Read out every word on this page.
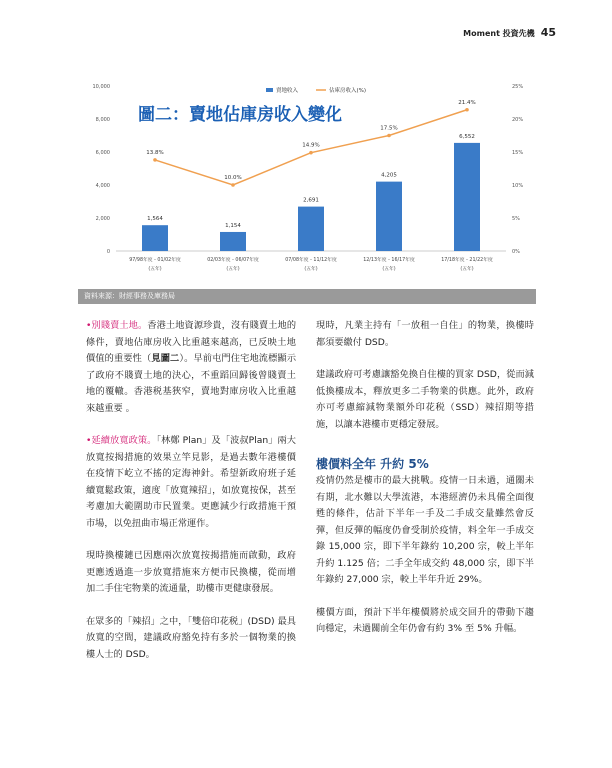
Moment 投資先機 45
10,000
8,000
6,000
4,000
2,000
0
25%
20%
15%
10%
5%
0%
賣地收入	佔庫房收入(%)
圖二：賣地佔庫房收入變化
1,564
97/98年度 - 01/02年度
(五年)
1,154
02/03年度 - 06/07年度
(五年)
2,691
07/08年度 - 11/12年度
(五年)
4,205
12/13年度 - 16/17年度
(五年)
6,552
17/18年度 - 21/22年度
(五年)
13.8%
10.0%
14.9%
17.5%
21.4%
資料來源：財經事務及庫務局

•別賤賣土地。香港土地資源珍貴，沒有賤賣土地的條件，賣地佔庫房收入比重越來越高，已反映土地價值的重要性（見圖二）。早前屯門住宅地流標顯示了政府不賤賣土地的決心，不重蹈回歸後曾賤賣土地的覆轍。香港税基狹窄，賣地對庫房收入比重越來越重要 。

•延續放寬政策。「林鄭 Plan」及「波叔Plan」兩大放寬按揭措施的效果立竿見影，是過去數年港樓價在疫情下屹立不搖的定海神針。希望新政府班子延續寬鬆政策，適度「放寬辣招」，如放寬按保，甚至考慮加大範圍助市民置業。更應減少行政措施干預市場，以免扭曲市場正常運作。

現時換樓鏈已因應兩次放寬按揭措施而啟動，政府更應透過進一步放寬措施來方便市民換樓，從而增加二手住宅物業的流通量，助樓市更健康發展。

在眾多的「辣招」之中，「雙倍印花税」(DSD) 最具放寬的空間，建議政府豁免持有多於一個物業的換樓人士的 DSD。

現時，凡業主持有「一放租一自住」的物業，換樓時都須要繳付 DSD。

建議政府可考慮讓豁免換自住樓的買家 DSD，從而減低換樓成本，釋放更多二手物業的供應。此外，政府亦可考慮縮減物業額外印花税（SSD）辣招期等措施，以讓本港樓市更穩定發展。

樓價料全年 升約 5%

疫情仍然是樓市的最大挑戰。疫情一日未過，通關未有期，北水難以大學流港，本港經濟仍未具備全面復甦的條件，估計下半年一手及二手成交量雖然會反彈，但反彈的幅度仍會受制於疫情，料全年一手成交錄 15,000 宗，即下半年錄約 10,200 宗，較上半年升約 1.125 倍；二手全年成交約 48,000 宗，即下半年錄約 27,000 宗，較上半年升近 29%。

樓價方面，預計下半年樓價將於成交回升的帶動下趨向穩定，未過關前全年仍會有約 3% 至 5% 升幅。
